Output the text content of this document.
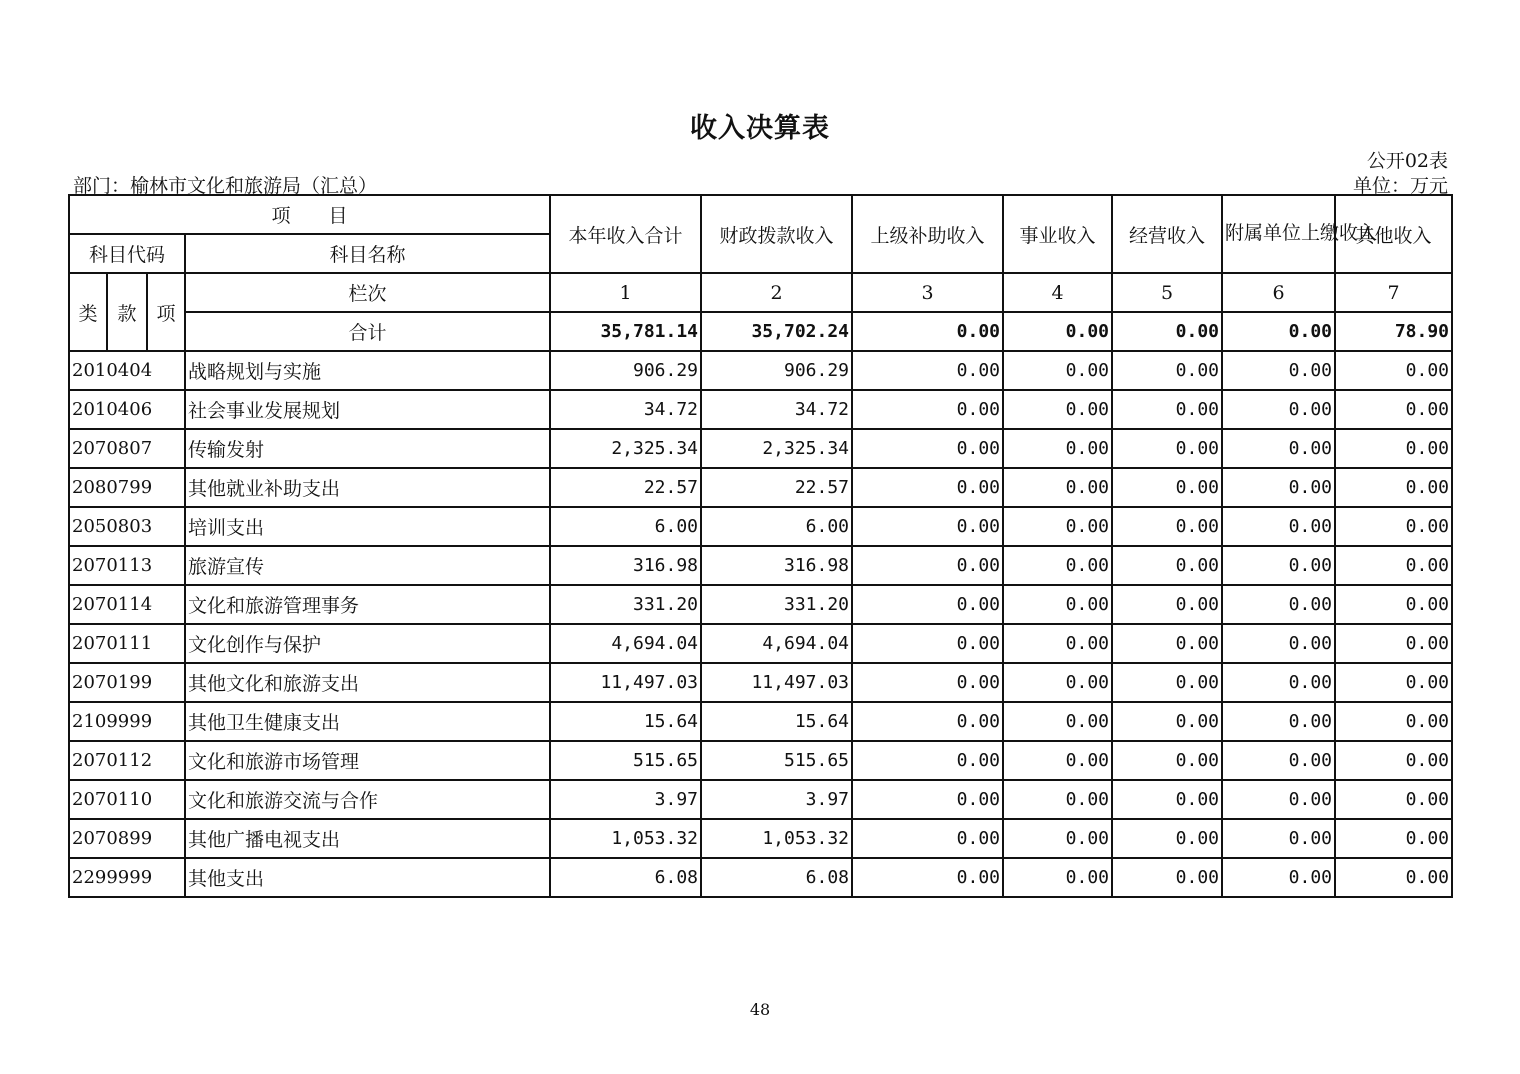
收入决算表
公开02表
部门：榆林市文化和旅游局（汇总）	单位：万元
项　　目				本年收入合计	财政拨款收入	上级补助收入	事业收入	经营收入	附属单位上缴收入	其他收入
科目代码			科目名称							

类	款	项	栏次	1	2	3	4	5	6	7
			合计	35,781.14	35,702.24	0.00	0.00	0.00	0.00	78.90
2010404			战略规划与实施	906.29	906.29	0.00	0.00	0.00	0.00	0.00
2010406			社会事业发展规划	34.72	34.72	0.00	0.00	0.00	0.00	0.00
2070807			传输发射	2,325.34	2,325.34	0.00	0.00	0.00	0.00	0.00
2080799			其他就业补助支出	22.57	22.57	0.00	0.00	0.00	0.00	0.00
2050803			培训支出	6.00	6.00	0.00	0.00	0.00	0.00	0.00
2070113			旅游宣传	316.98	316.98	0.00	0.00	0.00	0.00	0.00
2070114			文化和旅游管理事务	331.20	331.20	0.00	0.00	0.00	0.00	0.00
2070111			文化创作与保护	4,694.04	4,694.04	0.00	0.00	0.00	0.00	0.00
2070199			其他文化和旅游支出	11,497.03	11,497.03	0.00	0.00	0.00	0.00	0.00
2109999			其他卫生健康支出	15.64	15.64	0.00	0.00	0.00	0.00	0.00
2070112			文化和旅游市场管理	515.65	515.65	0.00	0.00	0.00	0.00	0.00
2070110			文化和旅游交流与合作	3.97	3.97	0.00	0.00	0.00	0.00	0.00
2070899			其他广播电视支出	1,053.32	1,053.32	0.00	0.00	0.00	0.00	0.00
2299999			其他支出	6.08	6.08	0.00	0.00	0.00	0.00	0.00
48
